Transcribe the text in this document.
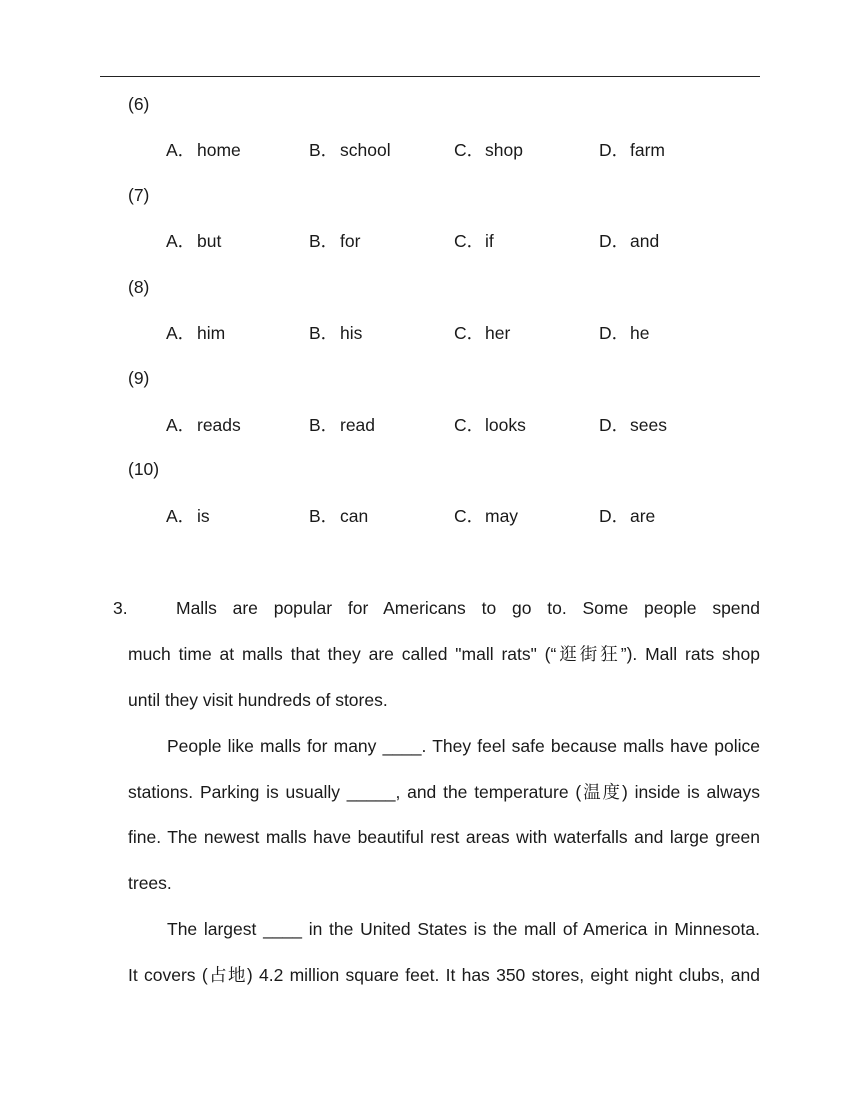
(6)
A． home	B． school	C．shop	D．farm
(7)
A． but	B． for	C．if	D．and
(8)
A． him	B． his	C．her	D．he
(9)
A． reads	B． read	C．looks	D．sees
(10)
A． is	B． can	C．may	D．are
3.	Malls are popular for Americans to go to. Some people spend
much time at malls that they are called "mall rats" (“逛街狂”). Mall rats shop
until they visit hundreds of stores.
People like malls for many ____. They feel safe because malls have police
stations. Parking is usually _____, and the temperature (温度) inside is always
fine. The newest malls have beautiful rest areas with waterfalls and large green
trees.
The largest ____ in the United States is the mall of America in Minnesota.
It covers (占地) 4.2 million square feet. It has 350 stores, eight night clubs, and
